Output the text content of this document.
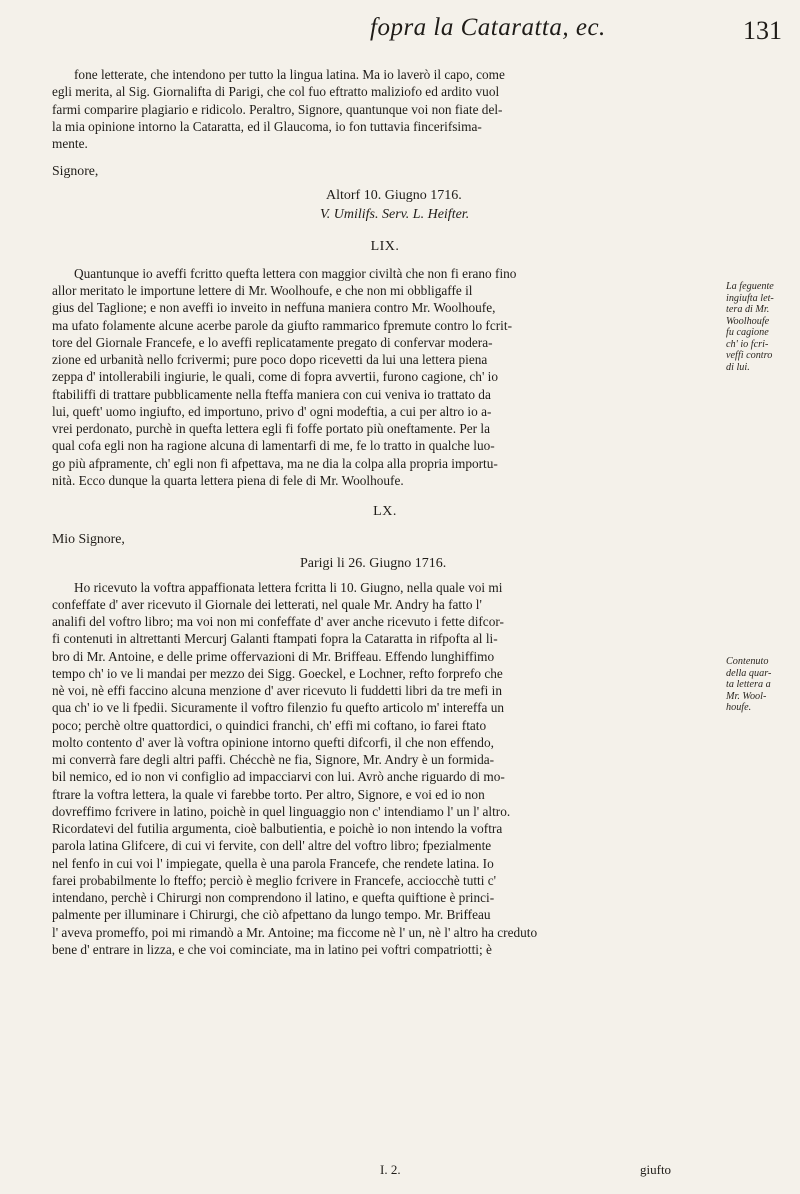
fopra la Cataratta, ec.	131
fone letterate, che intendono per tutto la lingua latina. Ma io laverò il capo, come
egli merita, al Sig. Giornalifta di Parigi, che col fuo eftratto maliziofo ed ardito vuol
farmi comparire plagiario e ridicolo. Peraltro, Signore, quantunque voi non fiate del-
la mia opinione intorno la Cataratta, ed il Glaucoma, io fon tuttavia fincerifsima-
mente.
Signore,
Altorf 10. Giugno 1716.
V. Umilifs. Serv. L. Heifter.
LIX.
Quantunque io aveffi fcritto quefta lettera con maggior civiltà che non fi erano fino
allor meritato le importune lettere di Mr. Woolhoufe, e che non mi obbligaffe il
gius del Taglione; e non aveffi io inveito in neffuna maniera contro Mr. Woolhoufe,
ma ufato folamente alcune acerbe parole da giufto rammarico fpremute contro lo fcrit-
tore del Giornale Francefe, e lo aveffi replicatamente pregato di confervar modera-
zione ed urbanità nello fcrivermi; pure poco dopo ricevetti da lui una lettera piena
zeppa d' intollerabili ingiurie, le quali, come di fopra avvertii, furono cagione, ch' io
ftabiliffi di trattare pubblicamente nella fteffa maniera con cui veniva io trattato da
lui, queft' uomo ingiufto, ed importuno, privo d' ogni modeftia, a cui per altro io a-
vrei perdonato, purchè in quefta lettera egli fi foffe portato più oneftamente. Per la
qual cofa egli non ha ragione alcuna di lamentarfi di me, fe lo tratto in qualche luo-
go più afpramente, ch' egli non fi afpettava, ma ne dia la colpa alla propria importu-
nità. Ecco dunque la quarta lettera piena di fele di Mr. Woolhoufe.
LX.
Mio Signore,
Parigi li 26. Giugno 1716.
Ho ricevuto la voftra appaffionata lettera fcritta li 10. Giugno, nella quale voi mi
confeffate d' aver ricevuto il Giornale dei letterati, nel quale Mr. Andry ha fatto l'
analifi del voftro libro; ma voi non mi confeffate d' aver anche ricevuto i fette difcor-
fi contenuti in altrettanti Mercurj Galanti ftampati fopra la Cataratta in rifpofta al li-
bro di Mr. Antoine, e delle prime offervazioni di Mr. Briffeau. Effendo lunghiffimo
tempo ch' io ve li mandai per mezzo dei Sigg. Goeckel, e Lochner, refto forprefo che
nè voi, nè effi faccino alcuna menzione d' aver ricevuto li fuddetti libri da tre mefi in
qua ch' io ve li fpedii. Sicuramente il voftro filenzio fu quefto articolo m' intereffa un
poco; perchè oltre quattordici, o quindici franchi, ch' effi mi coftano, io farei ftato
molto contento d' aver là voftra opinione intorno quefti difcorfi, il che non effendo,
mi converrà fare degli altri paffi. Chécchè ne fia, Signore, Mr. Andry è un formida-
bil nemico, ed io non vi configlio ad impacciarvi con lui. Avrò anche riguardo di mo-
ftrare la voftra lettera, la quale vi farebbe torto. Per altro, Signore, e voi ed io non
dovreffimo fcrivere in latino, poichè in quel linguaggio non c' intendiamo l' un l' altro.
Ricordatevi del futilia argumenta, cioè balbutientia, e poichè io non intendo la voftra
parola latina Glifcere, di cui vi fervite, con dell' altre del voftro libro; fpezialmente
nel fenfo in cui voi l' impiegate, quella è una parola Francefe, che rendete latina. Io
farei probabilmente lo fteffo; perciò è meglio fcrivere in Francefe, acciocchè tutti c'
intendano, perchè i Chirurgi non comprendono il latino, e quefta quiftione è princi-
palmente per illuminare i Chirurgi, che ciò afpettano da lungo tempo. Mr. Briffeau
l' aveva promeffo, poi mi rimandò a Mr. Antoine; ma ficcome nè l' un, nè l' altro ha creduto
bene d' entrare in lizza, e che voi cominciate, ma in latino pei voftri compatriotti; è
La feguente
ingiufta let-
tera di Mr.
Woolhoufe
fu cagione
ch' io fcri-
veffi contro
di lui.
Contenuto
della quar-
ta lettera a
Mr. Wool-
houfe.
I. 2.	giufto
